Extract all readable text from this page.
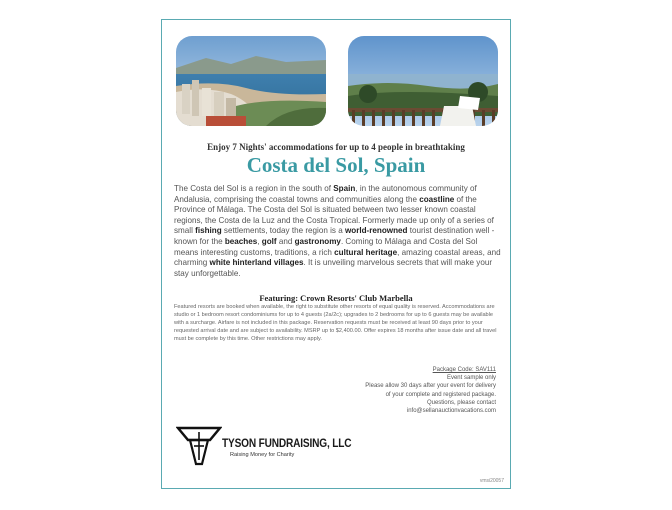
Enjoy 7 Nights' accommodations for up to 4 people in breathtaking
Costa del Sol, Spain
The Costa del Sol is a region in the south of Spain, in the autonomous community of Andalusia, comprising the coastal towns and communities along the coastline of the Province of Málaga. The Costa del Sol is situated between two lesser known coastal regions, the Costa de la Luz and the Costa Tropical. Formerly made up only of a series of small fishing settlements, today the region is a world-renowned tourist destination well - known for the beaches, golf and gastronomy. Coming to Málaga and Costa del Sol means interesting customs, traditions, a rich cultural heritage, amazing coastal areas, and charming white hinterland villages. It is unveiling marvelous secrets that will make your stay unforgettable.
Featuring: Crown Resorts' Club Marbella
Featured resorts are booked when available, the right to substitute other resorts of equal quality is reserved. Accommodations are studio or 1 bedroom resort condominiums for up to 4 guests (2a/2c); upgrades to 2 bedrooms for up to 6 guests may be available with a surcharge. Airfare is not included in this package. Reservation requests must be received at least 90 days prior to your requested arrival date and are subject to availability. MSRP up to $2,400.00. Offer expires 18 months after issue date and all travel must be complete by this time. Other restrictions may apply.
Package Code: SAV111
Event sample only
Please allow 30 days after your event for delivery
of your complete and registered package.
Questions, please contact
info@sellanauctionvacations.com
TYSON FUNDRAISING, LLC
Raising Money for Charity
vmsi20057
